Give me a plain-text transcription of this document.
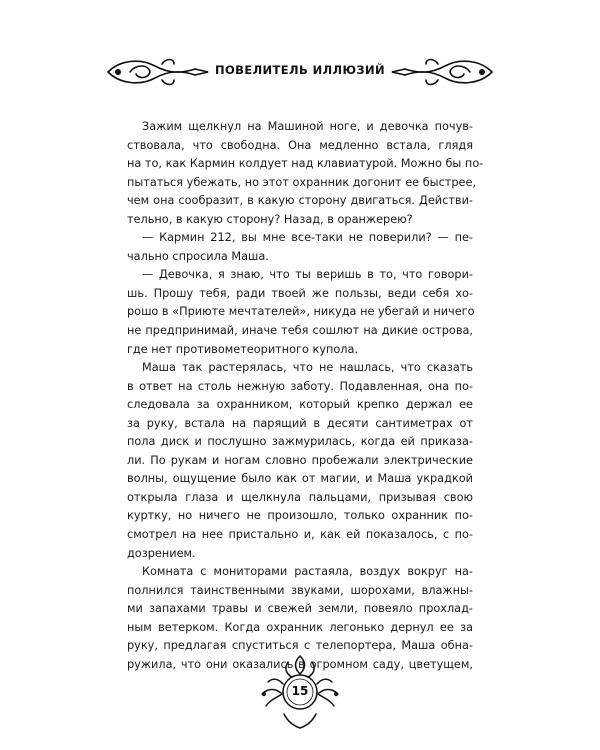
ПОВЕЛИТЕЛЬ ИЛЛЮЗИЙ
Зажим щелкнул на Машиной ноге, и девочка почув-
ствовала, что свободна. Она медленно встала, глядя
на то, как Кармин колдует над клавиатурой. Можно бы по-
пытаться убежать, но этот охранник догонит ее быстрее,
чем она сообразит, в какую сторону двигаться. Действи-
тельно, в какую сторону? Назад, в оранжерею?
— Кармин 212, вы мне все-таки не поверили? — пе-
чально спросила Маша.
— Девочка, я знаю, что ты веришь в то, что говори-
шь. Прошу тебя, ради твоей же пользы, веди себя хо-
рошо в «Приюте мечтателей», никуда не убегай и ничего
не предпринимай, иначе тебя сошлют на дикие острова,
где нет противометеоритного купола.
Маша так растерялась, что не нашлась, что сказать
в ответ на столь нежную заботу. Подавленная, она по-
следовала за охранником, который крепко держал ее
за руку, встала на парящий в десяти сантиметрах от
пола диск и послушно зажмурилась, когда ей приказа-
ли. По рукам и ногам словно пробежали электрические
волны, ощущение было как от магии, и Маша украдкой
открыла глаза и щелкнула пальцами, призывая свою
куртку, но ничего не произошло, только охранник по-
смотрел на нее пристально и, как ей показалось, с по-
дозрением.
Комната с мониторами растаяла, воздух вокруг на-
полнился таинственными звуками, шорохами, влажны-
ми запахами травы и свежей земли, повеяло прохлад-
ным ветерком. Когда охранник легонько дернул ее за
руку, предлагая спуститься с телепортера, Маша обна-
ружила, что они оказались в огромном саду, цветущем,
15
